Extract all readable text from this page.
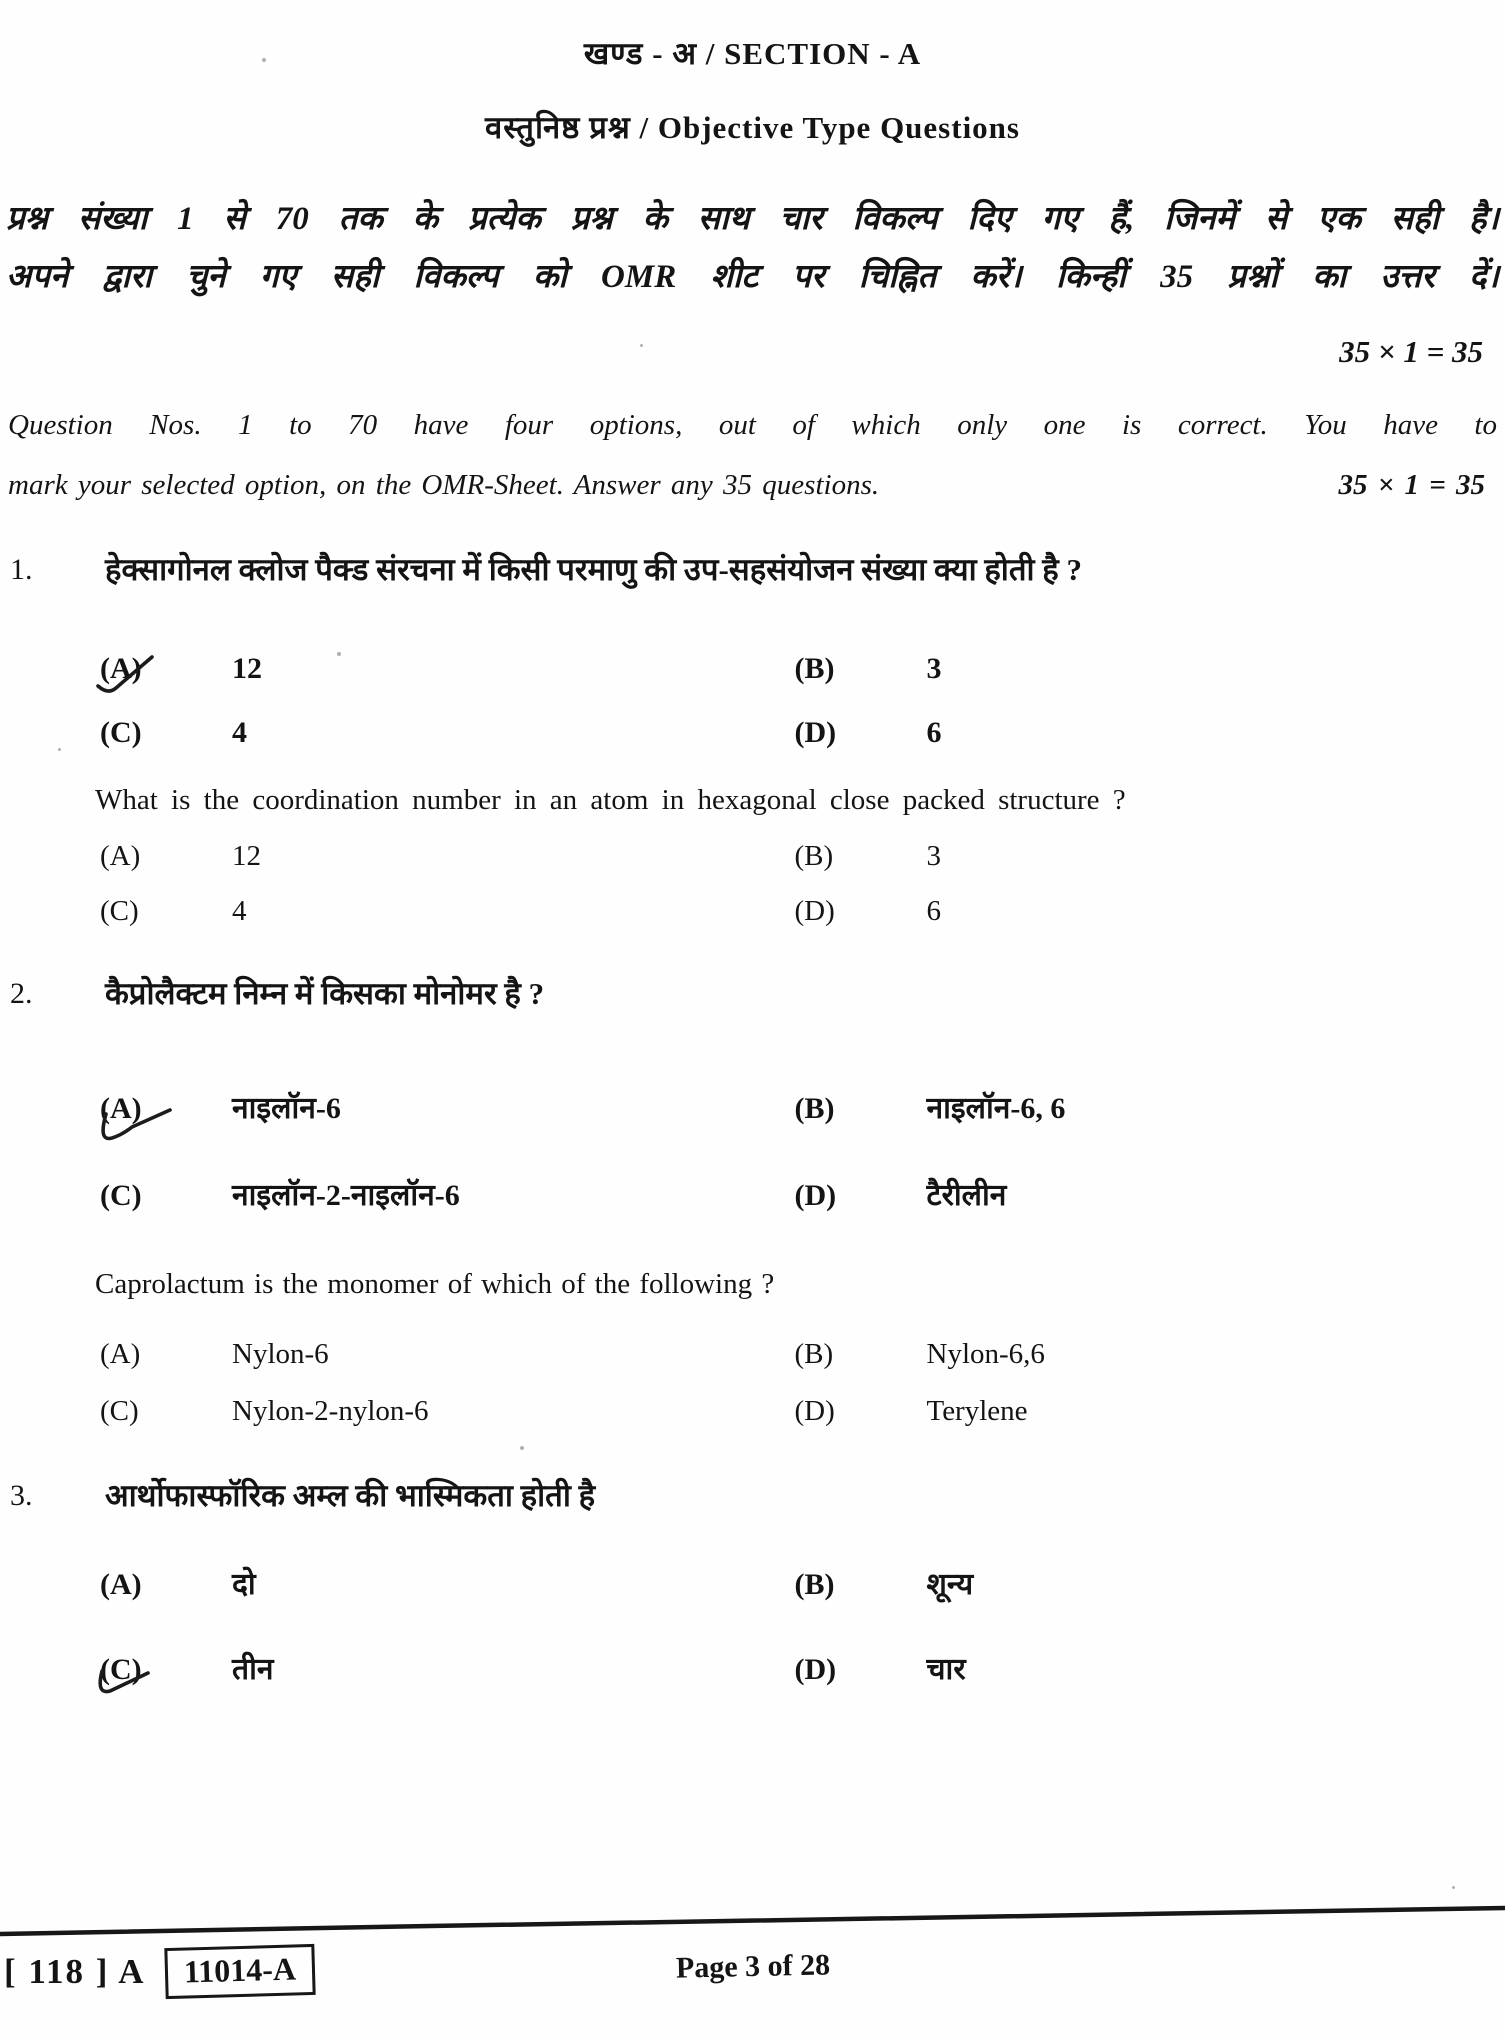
खण्ड - अ / SECTION - A
वस्तुनिष्ठ प्रश्न / Objective Type Questions
प्रश्न संख्या 1 से 70 तक के प्रत्येक प्रश्न के साथ चार विकल्प दिए गए हैं, जिनमें से एक सही है।
अपने द्वारा चुने गए सही विकल्प को OMR शीट पर चिह्नित करें। किन्हीं 35 प्रश्नों का उत्तर दें।
35 × 1 = 35
Question Nos. 1 to 70 have four options, out of which only one is correct. You have to
mark your selected option, on the OMR-Sheet. Answer any 35 questions.	35 × 1 = 35
1.	हेक्सागोनल क्लोज पैक्ड संरचना में किसी परमाणु की उप-सहसंयोजन संख्या क्या होती है ?
(A)	12	(B)	3
(C)	4	(D)	6
What is the coordination number in an atom in hexagonal close packed structure ?
(A)	12	(B)	3
(C)	4	(D)	6
2.	कैप्रोलैक्टम निम्न में किसका मोनोमर है ?
(A)	नाइलॉन-6	(B)	नाइलॉन-6, 6
(C)	नाइलॉन-2-नाइलॉन-6	(D)	टैरीलीन
Caprolactum is the monomer of which of the following ?
(A)	Nylon-6	(B)	Nylon-6,6
(C)	Nylon-2-nylon-6	(D)	Terylene
3.	आर्थोफास्फॉरिक अम्ल की भास्मिकता होती है
(A)	दो	(B)	शून्य
(C)	तीन	(D)	चार
[ 118 ] A	11014-A	Page 3 of 28
